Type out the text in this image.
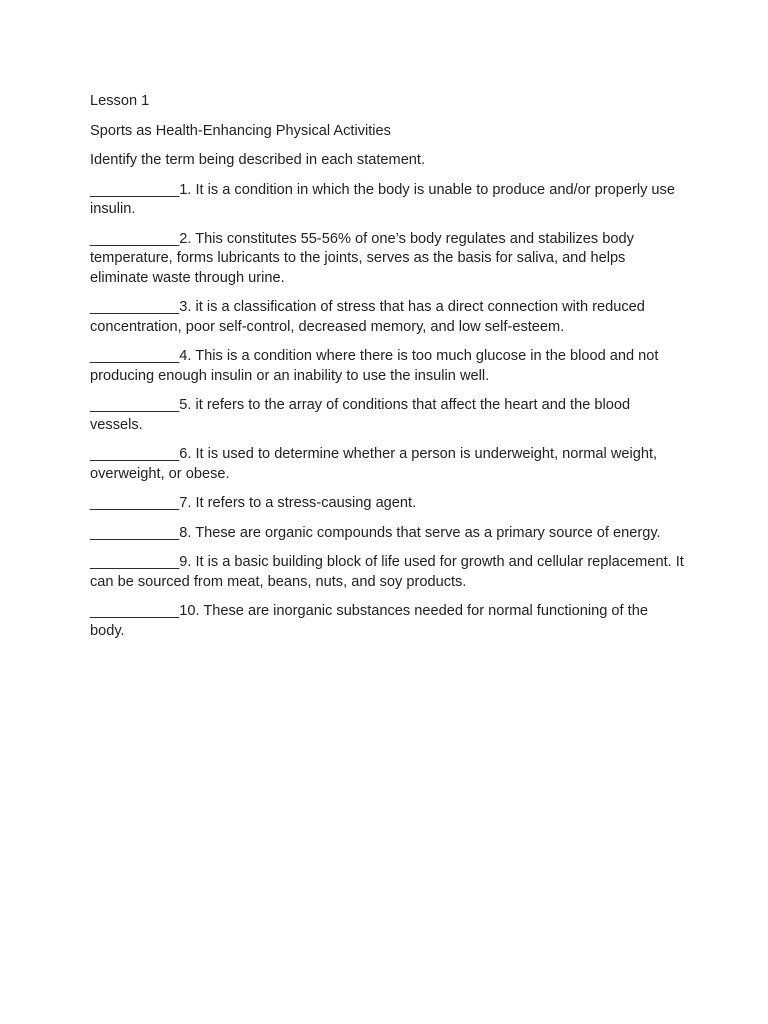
Lesson 1

Sports as Health-Enhancing Physical Activities

Identify the term being described in each statement.

___________1. It is a condition in which the body is unable to produce and/or properly use insulin.

___________2. This constitutes 55-56% of one’s body regulates and stabilizes body temperature, forms lubricants to the joints, serves as the basis for saliva, and helps eliminate waste through urine.

___________3. it is a classification of stress that has a direct connection with reduced concentration, poor self-control, decreased memory, and low self-esteem.

___________4. This is a condition where there is too much glucose in the blood and not producing enough insulin or an inability to use the insulin well.

___________5. it refers to the array of conditions that affect the heart and the blood vessels.

___________6. It is used to determine whether a person is underweight, normal weight, overweight, or obese.

___________7. It refers to a stress-causing agent.

___________8. These are organic compounds that serve as a primary source of energy.

___________9. It is a basic building block of life used for growth and cellular replacement. It can be sourced from meat, beans, nuts, and soy products.

___________10. These are inorganic substances needed for normal functioning of the body.
